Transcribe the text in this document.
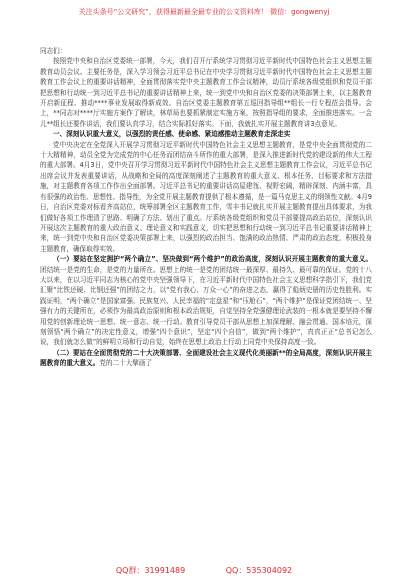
关注头条号“公文研究”，获得最新最全最专业的公文资料库！ 微信：gongwenyj

同志们：

按照党中央和自治区党委统一部署，今天，我们召开厅系统学习贯彻习近平新时代中国特色社会主义思想主题教育动员会议。主要任务是，深入学习领会习近平总书记在中央学习贯彻习近平新时代中国特色社会主义思想主题教育工作会议上的重要讲话精神，全面贯彻落实党中央主题教育工作会议精神，动员厅系统各级党组织和党员干部把思想和行动统一到习近平总书记的重要讲话精神上来，统一到党中央和自治区党委的决策部署上来，以主题教育开启新征程、推动****事业发展取得新成效。自治区党委主题教育第五巡回指导组**组长一行专程莅会指导。会上，**同志对****厅实施方案作了解读，林草局也要抓紧制定实施方案，按照指导组的要求，全面推进落实。一会儿**组长还要作讲话，我们要认真学习，结合实际抓好落实。下面，我就扎实开展主题教育讲3点意见。

一、深刻认识重大意义，以强烈的责任感、使命感、紧迫感推动主题教育走深走实

党中央决定在全党深入开展学习贯彻习近平新时代中国特色社会主义思想主题教育，是党中央全面贯彻党的二十大精精神，动员全党为完成党的中心任务而团结奋斗所作的重大部署，是深入推进新时代党的建设新的伟大工程的重大部署。4月3日，党中央召开学习贯彻习近平新时代中国特色社会主义思想主题教育工作会议，习近平总书记出席会议并发表重要讲话，从战略和全局的高度深刻阐述了主题教育的重大意义、根本任务、目标要求和方法措施，对主题教育各项工作作出全面部署。习近平总书记的重要讲话高屋建瓴、视野宏阔，精辟深刻、内涵丰富，具有很强的政治性、思想性、指导性，为全党开展主题教育提供了根本遵循，是一篇马克思主义的纲领性文献。4月9日，自治区党委对标看齐高站位，统筹部署全区主题教育工作，雪丰书记就扎实开展主题教育提出具体要求，为我们做好各项工作理清了思路、明确了方法、划出了重点。厅系统各级党组织和党员干部要提高政治站位，深刻认识开展这次主题教育的重大政治意义、理论意义和实践意义，切实把思想和行动统一到习近平总书记重要讲话精神上来，统一到党中央和自治区党委决策部署上来，以强烈的政治担当、饱满的政治热情、严肃的政治态度，积极投身主题教育，确保取得实效。

（一）要站在坚定拥护“两个确立”、坚决做到“两个维护”的政治高度，深刻认识开展主题教育的重大意义。团结统一是党的生命，是党的力量所在。思想上的统一是党的团结统一最深厚、最持久、最可靠的保证。党的十八大以来，在以习近平同志为核心的党中央坚强领导下，在习近平新时代中国特色社会主义思想科学指引下，我们党汇聚“比铁还硬、比钢还强”的团结之力，以“党有我心、万众一心”的奋进之态，赢得了彪炳史册的历史性胜利。实践证明，“两个确立”是国家富强、民族复兴、人民幸福的“定盘星”和“压舱石”，“两个维护”是保证党团结统一、坚强有力的关键所在，必须作为最高政治原则和根本政治规矩，自觉坚持全党强健理论武装的一根本就是要坚持不懈用党的创新理论统一思想、统一意志、统一行动。教育引导党员干部从思想上加深理解、融会贯通、国本培元，深刻领悟“两个确立”的决定性意义，增强“四个意识”，坚定“四个自信”，做到“两个维护”，真真正正“总书记怎么说，我们就怎么做”的鲜明立场和行动自觉，始终在思想上政治上行动上同党中央保持高度一致。

（二）要站在全面贯彻党的二十大决策部署、全面建设社会主义现代化美丽新**的全局高度，深刻认识开展主题教育的重大意义。党的二十大擘画了

QQ群：31991489	QQ：535304092
